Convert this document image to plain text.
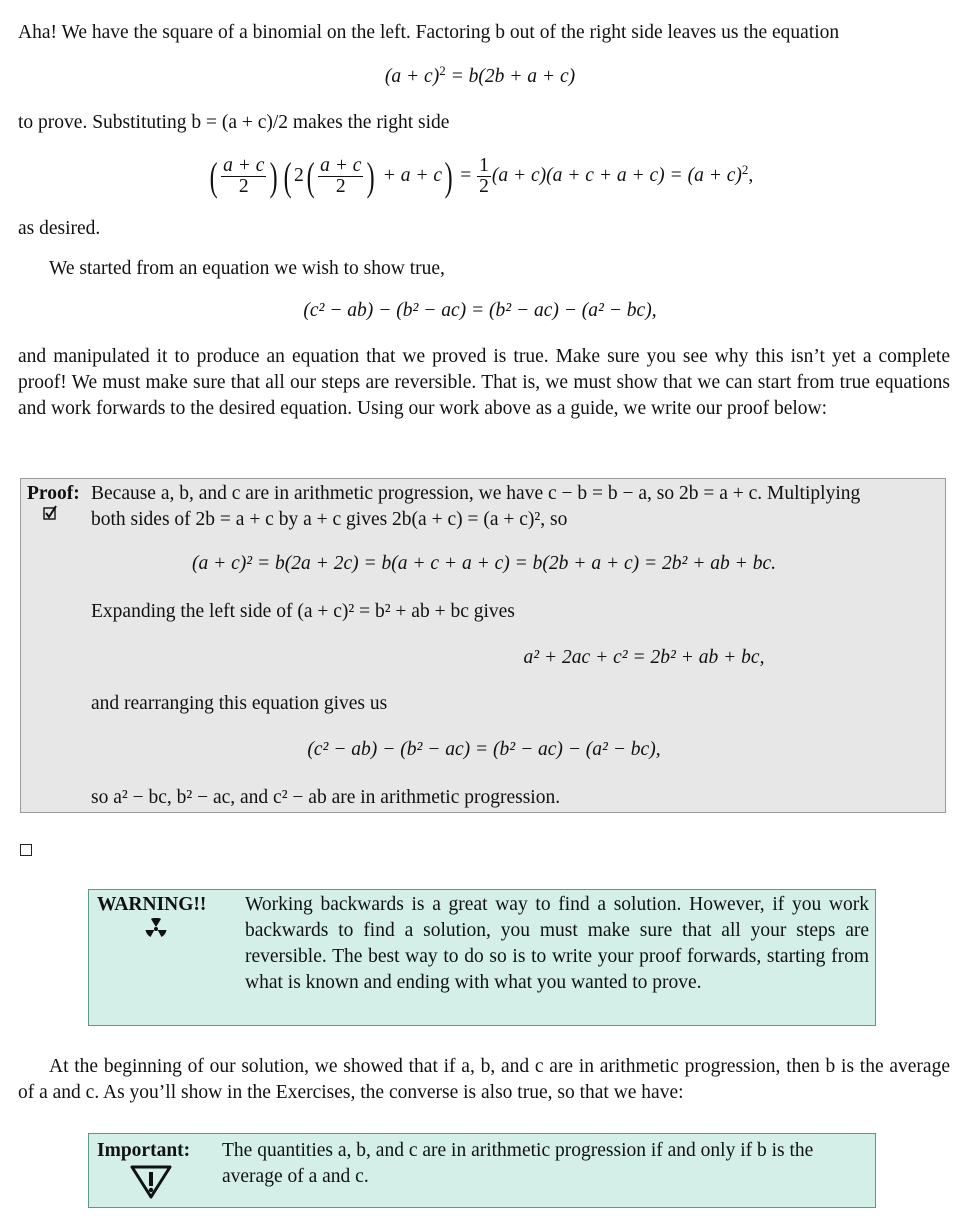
Aha! We have the square of a binomial on the left. Factoring b out of the right side leaves us the equation

$(a + c)^2 = b(2b + a + c)$

to prove. Substituting b = (a + c)/2 makes the right side

( $\frac{a + c}{2}$ ) ( $2( \frac{a + c}{2}$ ) + $a + c) = \frac{1}{2} (a + c)(a + c + a + c) = (a + c)^2$,

as desired.

We started from an equation we wish to show true,

(c² − ab) − (b² − ac) = (b² − ac) − (a² − bc),

and manipulated it to produce an equation that we proved is true. Make sure you see why this isn’t yet a complete proof! We must make sure that all our steps are reversible. That is, we must show that we can start from true equations and work forwards to the desired equation. Using our work above as a guide, we write our proof below:

Proof: Because a, b, and c are in arithmetic progression, we have c − b = b − a, so 2b = a + c. Multiplying
both sides of 2b = a + c by a + c gives 2b(a + c) = (a + c)², so
(a + c)² = b(2a + 2c) = b(a + c + a + c) = b(2b + a + c) = 2b² + ab + bc.
Expanding the left side of (a + c)² = b² + ab + bc gives
a² + 2ac + c² = 2b² + ab + bc,
and rearranging this equation gives us
(c² − ab) − (b² − ac) = (b² − ac) − (a² − bc),
so a² − bc, b² − ac, and c² − ab are in arithmetic progression.
WARNING!! Working backwards is a great way to find a solution. However, if you work backwards to find a solution, you must make sure that all your steps are reversible. The best way to do so is to write your proof forwards, starting from what is known and ending with what you wanted to prove.

At the beginning of our solution, we showed that if a, b, and c are in arithmetic progression, then b is the average of a and c. As you’ll show in the Exercises, the converse is also true, so that we have:

Important: The quantities a, b, and c are in arithmetic progression if and only if b is the average of a and c.
